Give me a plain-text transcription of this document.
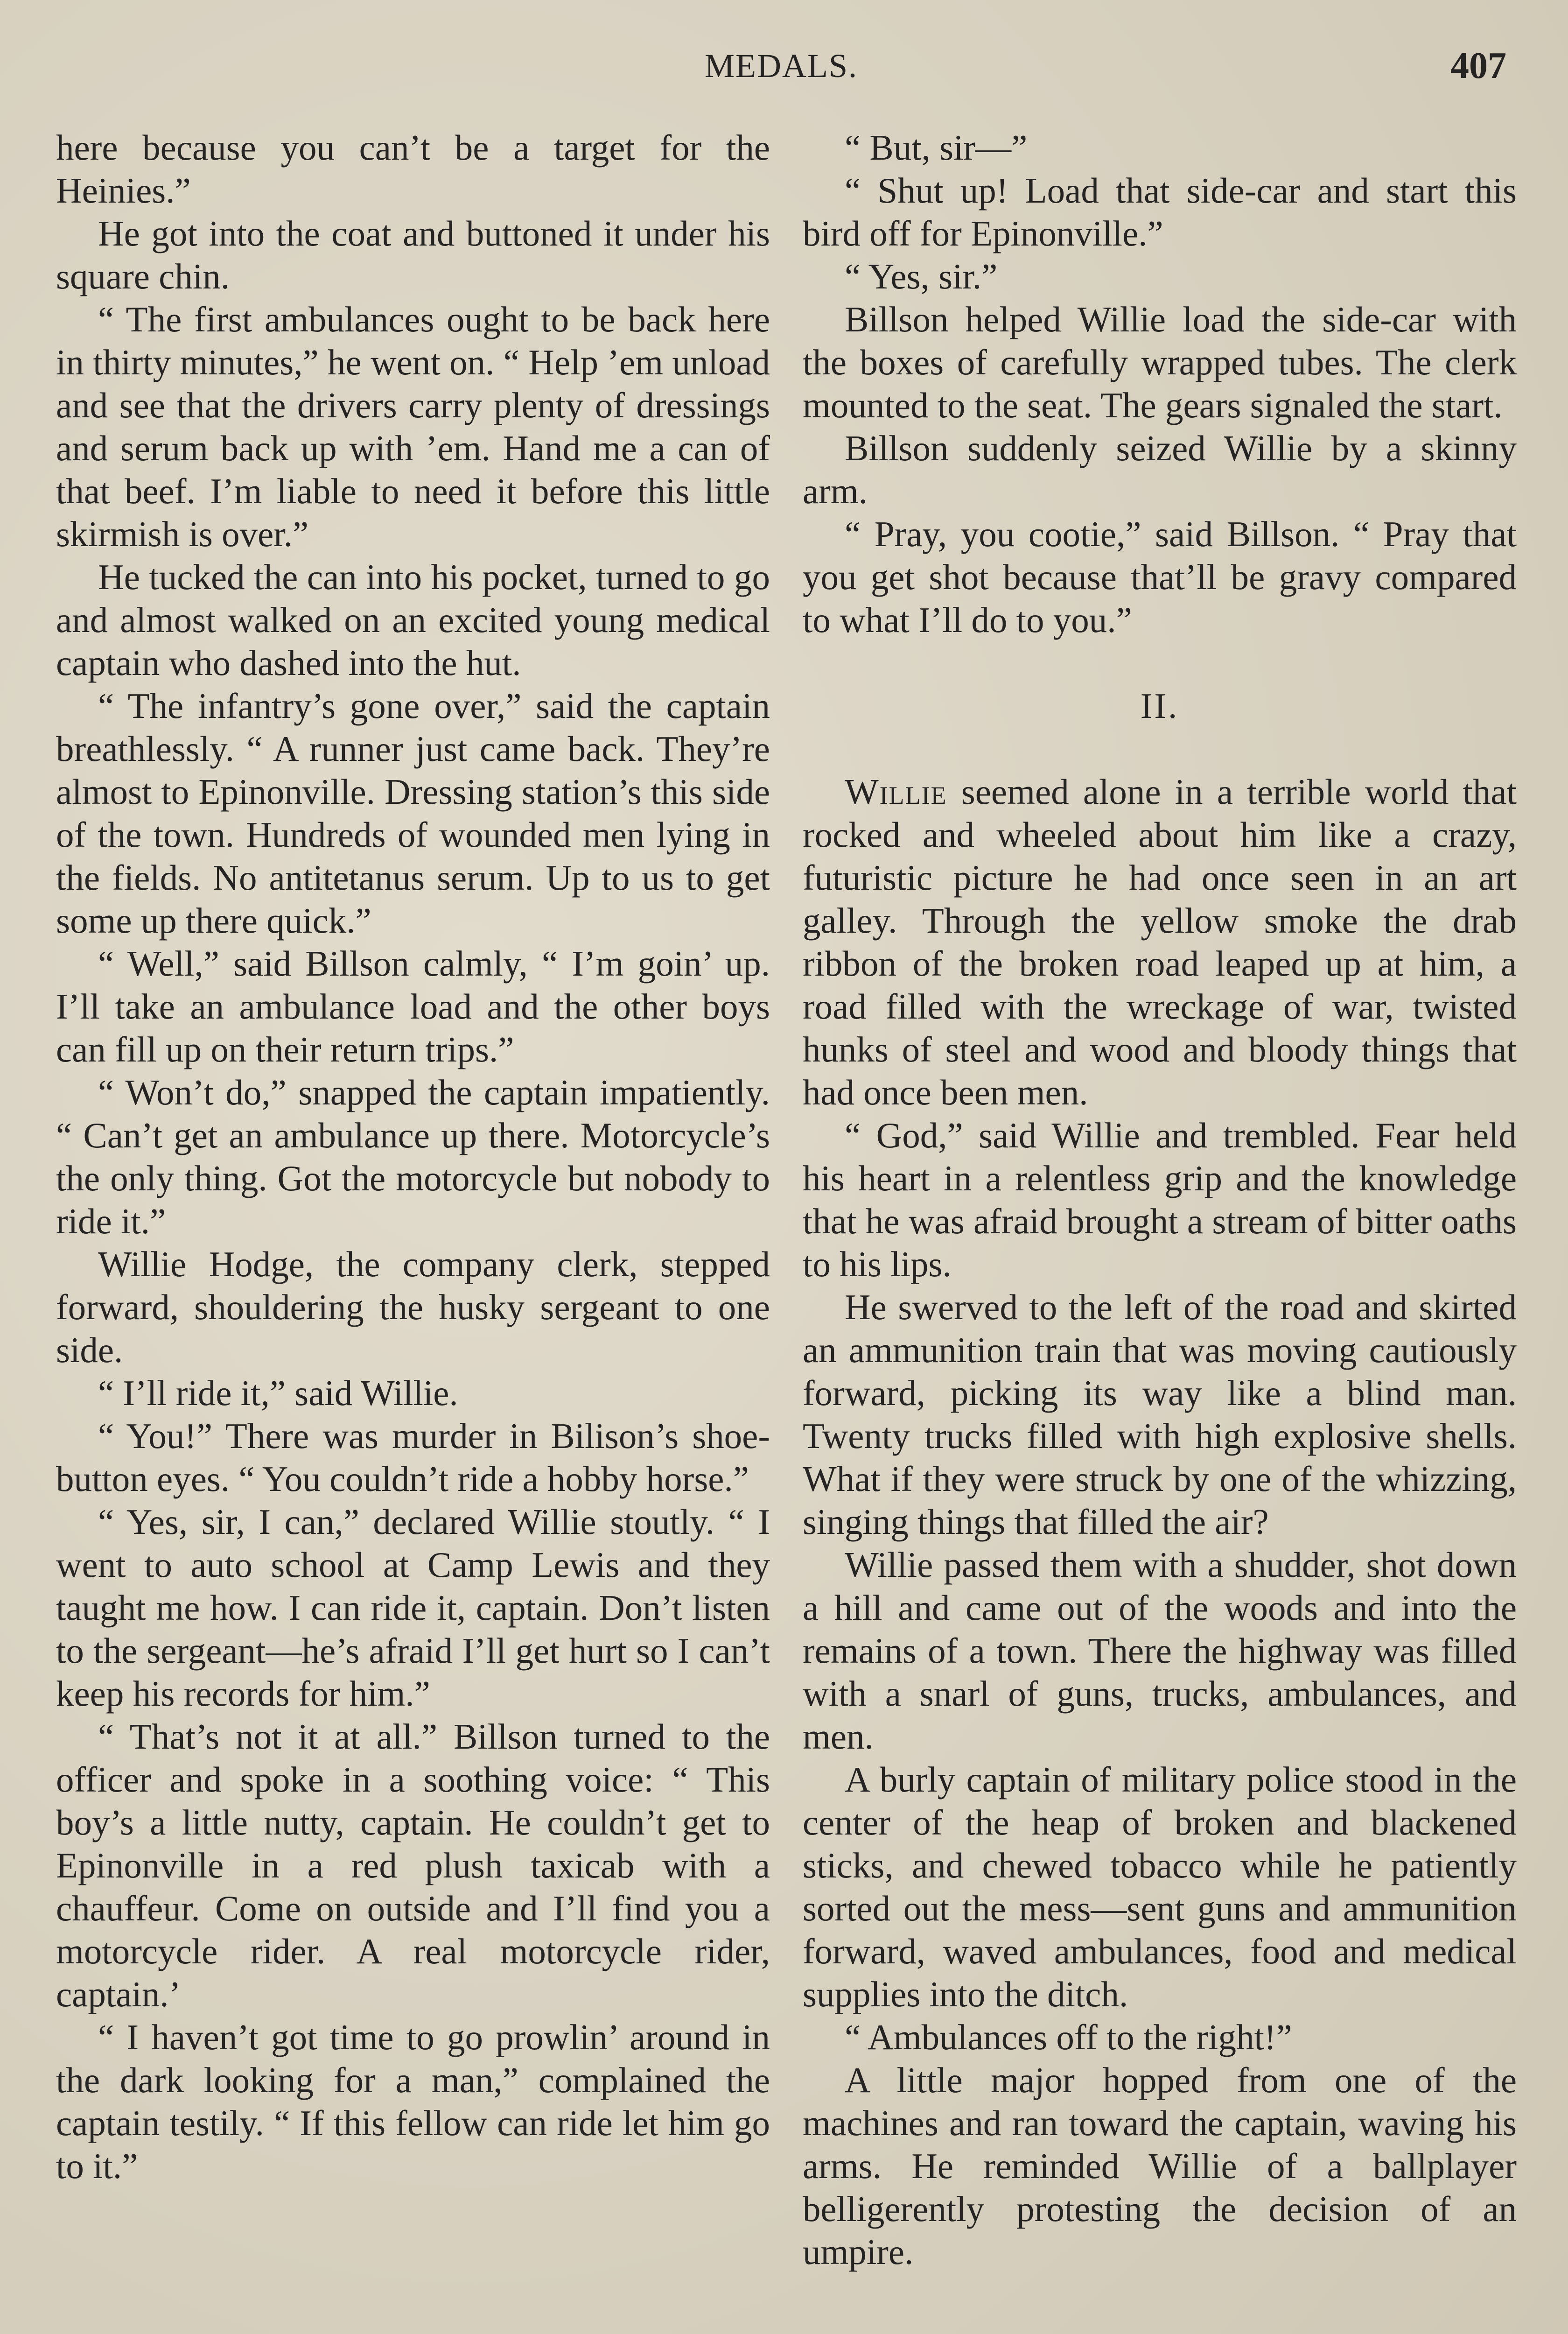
MEDALS.	407

here because you can’t be a target for the Heinies.”

He got into the coat and buttoned it under his square chin.

“ The first ambulances ought to be back here in thirty minutes,” he went on. “ Help ’em unload and see that the drivers carry plenty of dressings and serum back up with ’em. Hand me a can of that beef. I’m liable to need it before this little skirmish is over.”

He tucked the can into his pocket, turned to go and almost walked on an excited young medical captain who dashed into the hut.

“ The infantry’s gone over,” said the captain breathlessly. “ A runner just came back. They’re almost to Epinonville. Dressing station’s this side of the town. Hundreds of wounded men lying in the fields. No antitetanus serum. Up to us to get some up there quick.”

“ Well,” said Billson calmly, “ I’m goin’ up. I’ll take an ambulance load and the other boys can fill up on their return trips.”

“ Won’t do,” snapped the captain impatiently. “ Can’t get an ambulance up there. Motorcycle’s the only thing. Got the motorcycle but nobody to ride it.”

Willie Hodge, the company clerk, stepped forward, shouldering the husky sergeant to one side.

“ I’ll ride it,” said Willie.

“ You!” There was murder in Bilison’s shoe-button eyes. “ You couldn’t ride a hobby horse.”

“ Yes, sir, I can,” declared Willie stoutly. “ I went to auto school at Camp Lewis and they taught me how. I can ride it, captain. Don’t listen to the sergeant—he’s afraid I’ll get hurt so I can’t keep his records for him.”

“ That’s not it at all.” Billson turned to the officer and spoke in a soothing voice: “ This boy’s a little nutty, captain. He couldn’t get to Epinonville in a red plush taxicab with a chauffeur. Come on outside and I’ll find you a motorcycle rider. A real motorcycle rider, captain.’

“ I haven’t got time to go prowlin’ around in the dark looking for a man,” complained the captain testily. “ If this fellow can ride let him go to it.”

“ But, sir—”

“ Shut up! Load that side-car and start this bird off for Epinonville.”

“ Yes, sir.”

Billson helped Willie load the side-car with the boxes of carefully wrapped tubes. The clerk mounted to the seat. The gears signaled the start.

Billson suddenly seized Willie by a skinny arm.

“ Pray, you cootie,” said Billson. “ Pray that you get shot because that’ll be gravy compared to what I’ll do to you.”

II.

Willie seemed alone in a terrible world that rocked and wheeled about him like a crazy, futuristic picture he had once seen in an art galley. Through the yellow smoke the drab ribbon of the broken road leaped up at him, a road filled with the wreckage of war, twisted hunks of steel and wood and bloody things that had once been men.

“ God,” said Willie and trembled. Fear held his heart in a relentless grip and the knowledge that he was afraid brought a stream of bitter oaths to his lips.

He swerved to the left of the road and skirted an ammunition train that was moving cautiously forward, picking its way like a blind man. Twenty trucks filled with high explosive shells. What if they were struck by one of the whizzing, singing things that filled the air?

Willie passed them with a shudder, shot down a hill and came out of the woods and into the remains of a town. There the highway was filled with a snarl of guns, trucks, ambulances, and men.

A burly captain of military police stood in the center of the heap of broken and blackened sticks, and chewed tobacco while he patiently sorted out the mess—sent guns and ammunition forward, waved ambulances, food and medical supplies into the ditch.

“ Ambulances off to the right!”

A little major hopped from one of the machines and ran toward the captain, waving his arms. He reminded Willie of a ballplayer belligerently protesting the decision of an umpire.
